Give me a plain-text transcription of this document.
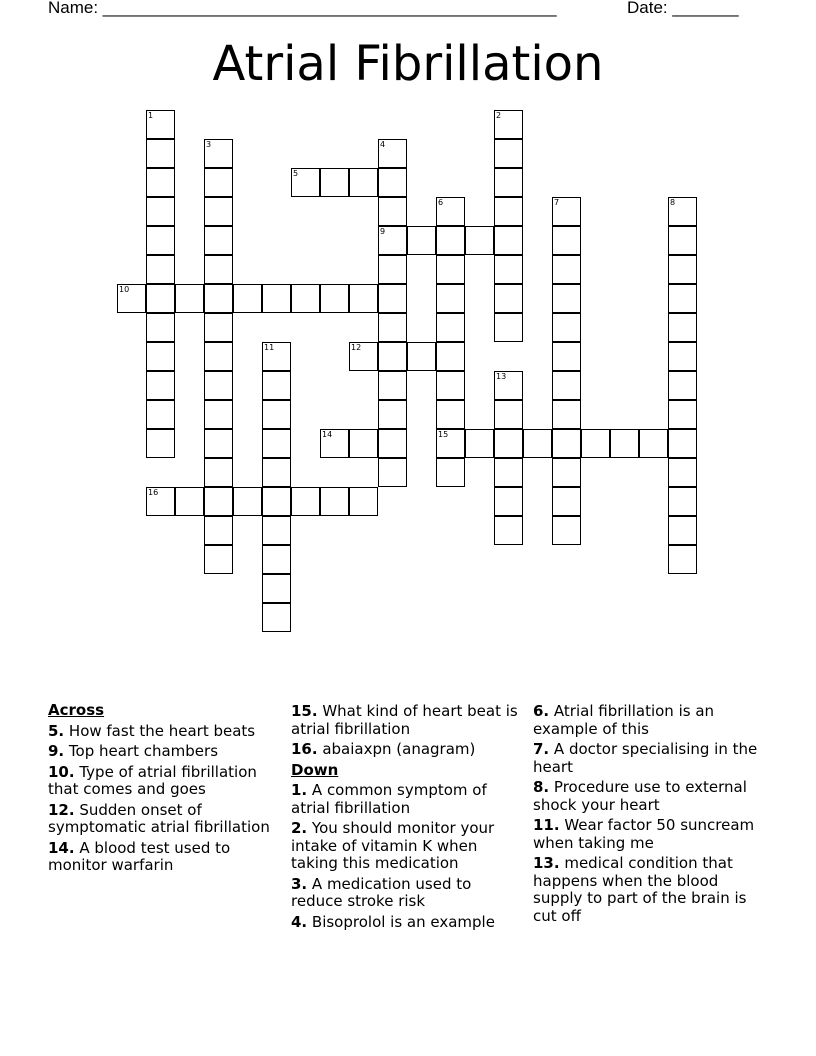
Name: ________________________________________________	Date: _______
Atrial Fibrillation
1	2
3	4
9
5
6
15
7	8
10
11	12
13
14
16
Across
5. How fast the heart beats
9. Top heart chambers
10. Type of atrial fibrillation that comes and goes
12. Sudden onset of symptomatic atrial fibrillation
14. A blood test used to monitor warfarin
15. What kind of heart beat is atrial fibrillation
16. abaiaxpn (anagram)
Down
1. A common symptom of atrial fibrillation
2. You should monitor your intake of vitamin K when taking this medication
3. A medication used to reduce stroke risk
4. Bisoprolol is an example
6. Atrial fibrillation is an example of this
7. A doctor specialising in the heart
8. Procedure use to external shock your heart
11. Wear factor 50 suncream when taking me
13. medical condition that happens when the blood supply to part of the brain is cut off
